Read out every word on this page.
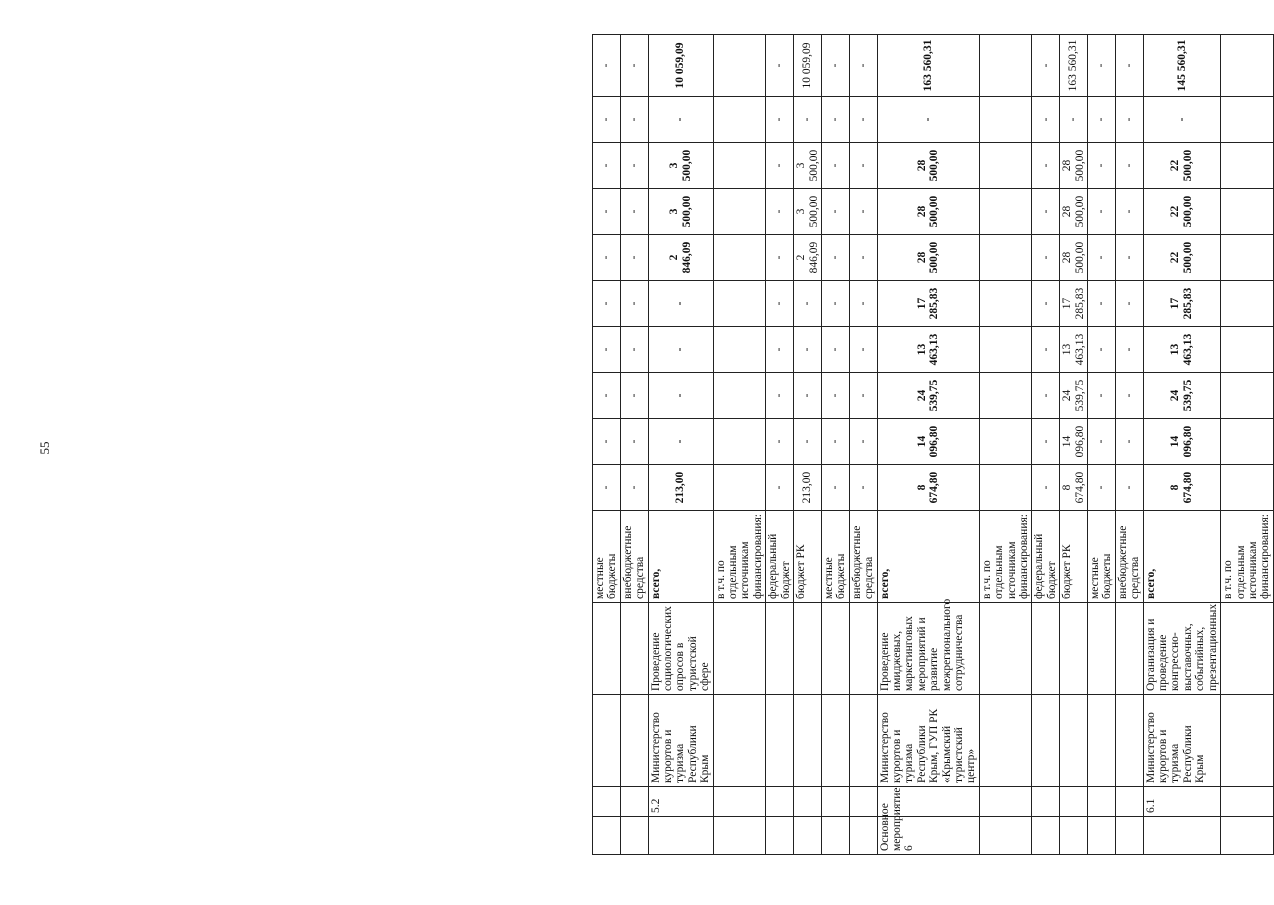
55
				местные бюджеты	-	-	-	-	-	-	-	-	-	-
				внебюджетные средства	-	-	-	-	-	-	-	-	-	-
	5.2	Министерство курортов и туризма Республики Крым	Проведение социологических опросов в туристской сфере	всего,	213,00	-	-	-	-	2 846,09	3 500,00	3 500,00	-	10 059,09
				в т.ч. по отдельным источникам финансирования:										
				федеральный бюджет	-	-	-	-	-	-	-	-	-	-
				бюджет РК	213,00	-	-	-	-	2 846,09	3 500,00	3 500,00	-	10 059,09
				местные бюджеты	-	-	-	-	-	-	-	-	-	-
				внебюджетные средства	-	-	-	-	-	-	-	-	-	-
Основное мероприятие 6		Министерство курортов и туризма Республики Крым, ГУП РК «Крымский туристский центр»	Проведение имиджевых, маркетинговых мероприятий и развитие межрегионального сотрудничества	всего,	8 674,80	14 096,80	24 539,75	13 463,13	17 285,83	28 500,00	28 500,00	28 500,00	-	163 560,31
				в т.ч. по отдельным источникам финансирования:										
				федеральный бюджет	-	-	-	-	-	-	-	-	-	-
				бюджет РК	8 674,80	14 096,80	24 539,75	13 463,13	17 285,83	28 500,00	28 500,00	28 500,00	-	163 560,31
				местные бюджеты	-	-	-	-	-	-	-	-	-	-
				внебюджетные средства	-	-	-	-	-	-	-	-	-	-
	6.1	Министерство курортов и туризма Республики Крым	Организация и проведение конгрессно-выставочных, событийных, презентационных	всего,	8 674,80	14 096,80	24 539,75	13 463,13	17 285,83	22 500,00	22 500,00	22 500,00	-	145 560,31
				в т.ч. по отдельным источникам финансирования:										
